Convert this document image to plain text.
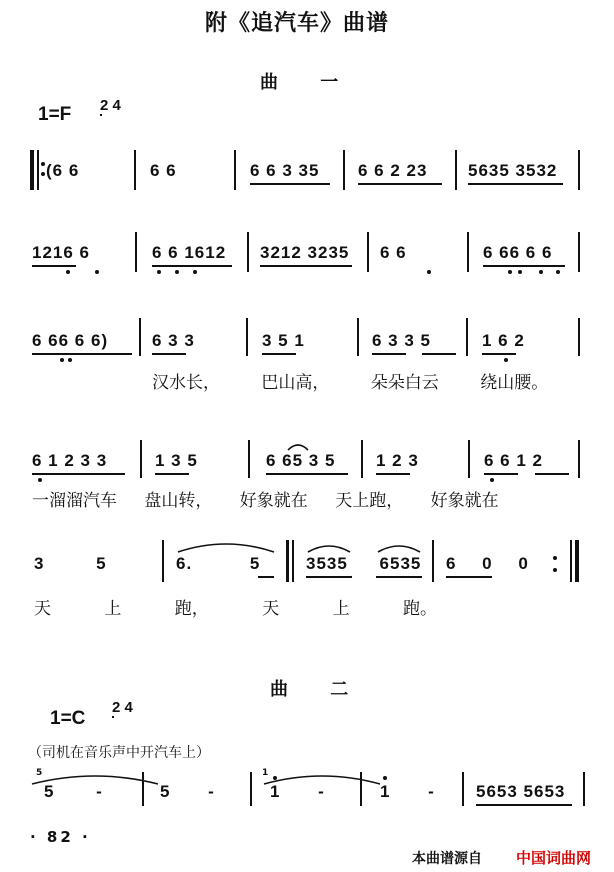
附《追汽车》曲谱
曲 一
1=F 2 4
(6 6	6 6	6 6 3 35 6 6 2 23 5635 3532
1216 6	6 6 1612 3212 3235 6 6	6 66 6 6
6 66 6 6)	6 3 3	3 5 1	6 3 3 5	1 6 2
汉水长， 巴山高， 朵朵白云 绕山腰。
6 1 2 3 3	1 3 5	6 65 3 5 1 2 3	6 6 1 2
一溜溜汽车 盘山转， 好象就在 天上跑， 好象就在
3 5	6. 5	3535 6535 6 0 0
天 上 跑， 天 上 跑。
曲 二
1=C
2 4
（司机在音乐声中开汽车上）
5
5 -	5 -
1
1 -	1 - 5653 5653
· 82 ·
本曲谱源自 中国词曲网
